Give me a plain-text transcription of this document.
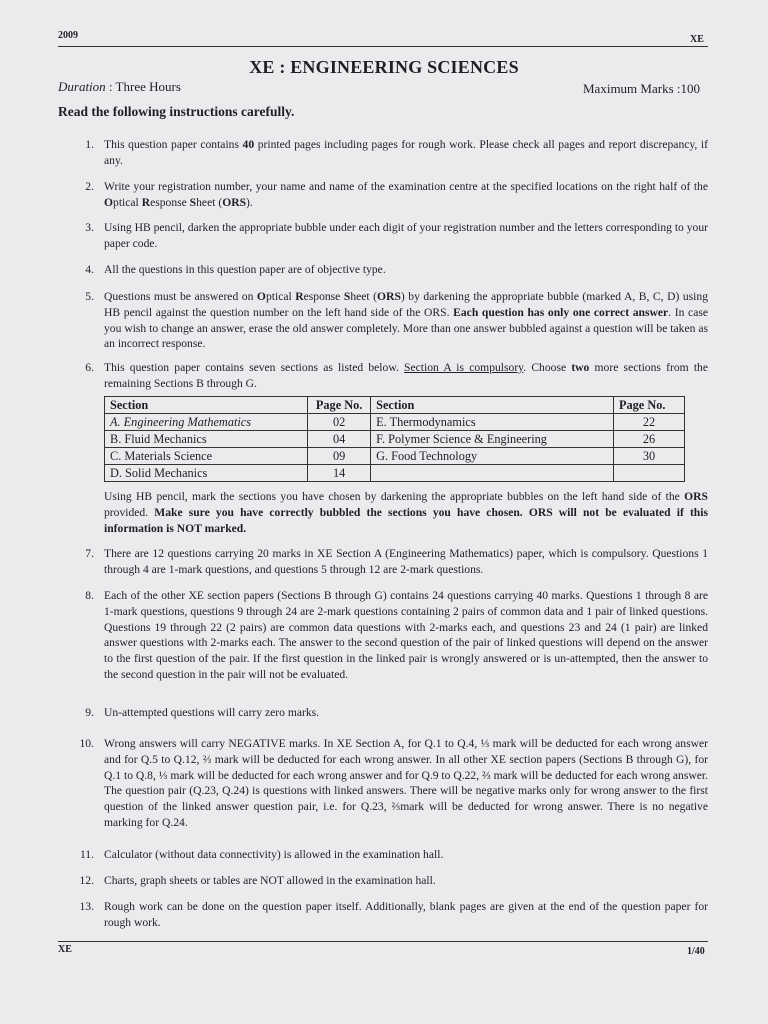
2009	XE
XE : ENGINEERING SCIENCES
Duration : Three Hours	Maximum Marks :100
Read the following instructions carefully.
1. This question paper contains 40 printed pages including pages for rough work. Please check all pages and report discrepancy, if any.
2. Write your registration number, your name and name of the examination centre at the specified locations on the right half of the Optical Response Sheet (ORS).
3. Using HB pencil, darken the appropriate bubble under each digit of your registration number and the letters corresponding to your paper code.
4. All the questions in this question paper are of objective type.
5. Questions must be answered on Optical Response Sheet (ORS) by darkening the appropriate bubble (marked A, B, C, D) using HB pencil against the question number on the left hand side of the ORS. Each question has only one correct answer. In case you wish to change an answer, erase the old answer completely. More than one answer bubbled against a question will be taken as an incorrect response.
6. This question paper contains seven sections as listed below. Section A is compulsory. Choose two more sections from the remaining Sections B through G.
Section	Page No.	Section	Page No.
A. Engineering Mathematics	02	E. Thermodynamics	22
B. Fluid Mechanics	04	F. Polymer Science & Engineering	26
C. Materials Science	09	G. Food Technology	30
D. Solid Mechanics	14		
Using HB pencil, mark the sections you have chosen by darkening the appropriate bubbles on the left hand side of the ORS provided. Make sure you have correctly bubbled the sections you have chosen. ORS will not be evaluated if this information is NOT marked.
7. There are 12 questions carrying 20 marks in XE Section A (Engineering Mathematics) paper, which is compulsory. Questions 1 through 4 are 1-mark questions, and questions 5 through 12 are 2-mark questions.
8. Each of the other XE section papers (Sections B through G) contains 24 questions carrying 40 marks. Questions 1 through 8 are 1-mark questions, questions 9 through 24 are 2-mark questions containing 2 pairs of common data and 1 pair of linked questions. Questions 19 through 22 (2 pairs) are common data questions with 2-marks each, and questions 23 and 24 (1 pair) are linked answer questions with 2-marks each. The answer to the second question of the pair of linked questions will depend on the answer to the first question of the pair. If the first question in the linked pair is wrongly answered or is un-attempted, then the answer to the second question in the pair will not be evaluated.
9. Un-attempted questions will carry zero marks.
10. Wrong answers will carry NEGATIVE marks. In XE Section A, for Q.1 to Q.4, ⅓ mark will be deducted for each wrong answer and for Q.5 to Q.12, ⅔ mark will be deducted for each wrong answer. In all other XE section papers (Sections B through G), for Q.1 to Q.8, ⅓ mark will be deducted for each wrong answer and for Q.9 to Q.22, ⅔ mark will be deducted for each wrong answer. The question pair (Q.23, Q.24) is questions with linked answers. There will be negative marks only for wrong answer to the first question of the linked answer question pair, i.e. for Q.23, ⅔mark will be deducted for wrong answer. There is no negative marking for Q.24.
11. Calculator (without data connectivity) is allowed in the examination hall.
12. Charts, graph sheets or tables are NOT allowed in the examination hall.
13. Rough work can be done on the question paper itself. Additionally, blank pages are given at the end of the question paper for rough work.
XE	1/40
